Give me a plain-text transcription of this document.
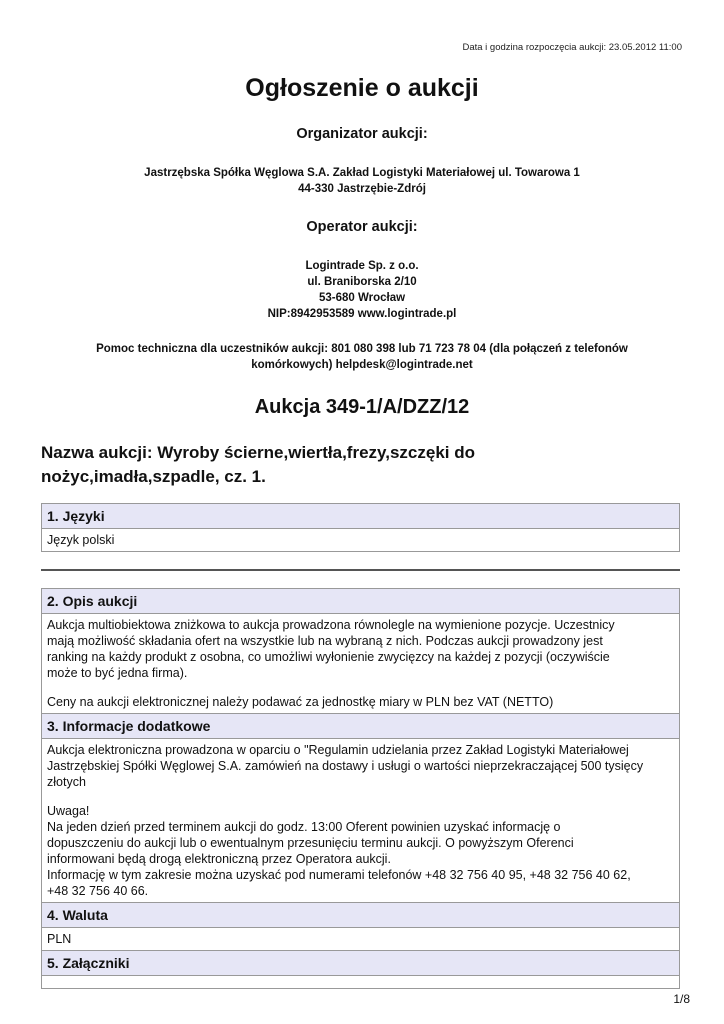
Data i godzina rozpoczęcia aukcji: 23.05.2012 11:00
Ogłoszenie o aukcji
Organizator aukcji:
Jastrzębska Spółka Węglowa S.A. Zakład Logistyki Materiałowej ul. Towarowa 1
44-330 Jastrzębie-Zdrój
Operator aukcji:
Logintrade Sp. z o.o.
ul. Braniborska 2/10
53-680 Wrocław
NIP:8942953589 www.logintrade.pl
Pomoc techniczna dla uczestników aukcji: 801 080 398 lub 71 723 78 04 (dla połączeń z telefonów
komórkowych) helpdesk@logintrade.net
Aukcja 349-1/A/DZZ/12
Nazwa aukcji: Wyroby ścierne,wiertła,frezy,szczęki do
nożyc,imadła,szpadle, cz. 1.
1. Języki
Język polski
2. Opis aukcji

Aukcja multiobiektowa zniżkowa to aukcja prowadzona równolegle na wymienione pozycje. Uczestnicy

mają możliwość składania ofert na wszystkie lub na wybraną z nich. Podczas aukcji prowadzony jest

ranking na każdy produkt z osobna, co umożliwi wyłonienie zwycięzcy na każdej z pozycji (oczywiście

może to być jedna firma).

Ceny na aukcji elektronicznej należy podawać za jednostkę miary w PLN bez VAT (NETTO)

3. Informacje dodatkowe

Aukcja elektroniczna prowadzona w oparciu o "Regulamin udzielania przez Zakład Logistyki Materiałowej

Jastrzębskiej Spółki Węglowej S.A. zamówień na dostawy i usługi o wartości nieprzekraczającej 500 tysięcy

złotych

Uwaga!

Na jeden dzień przed terminem aukcji do godz. 13:00 Oferent powinien uzyskać informację o

dopuszczeniu do aukcji lub o ewentualnym przesunięciu terminu aukcji. O powyższym Oferenci

informowani będą drogą elektroniczną przez Operatora aukcji.

Informację w tym zakresie można uzyskać pod numerami telefonów +48 32 756 40 95, +48 32 756 40 62,

+48 32 756 40 66.

4. Waluta
PLN
5. Załączniki
1/8
